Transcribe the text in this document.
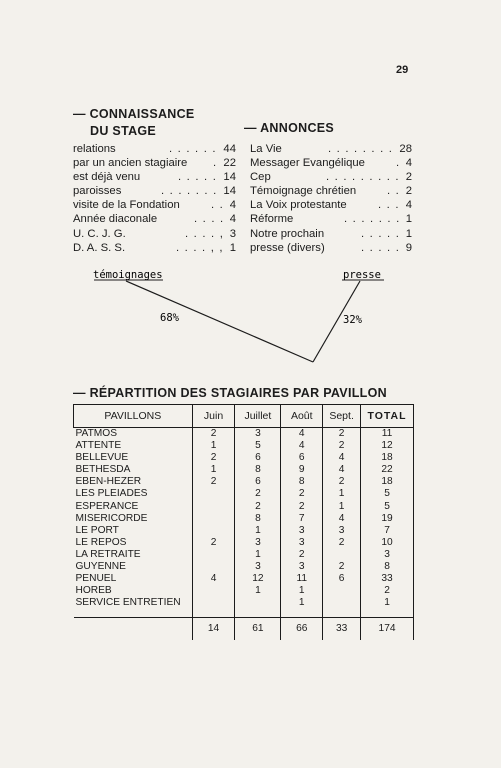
29
— CONNAISSANCE
DU STAGE
relations	. . . . . . 44
par un ancien stagiaire . 22
est déjà venu	. . . . . 14
paroisses	. . . . . . . 14
visite de la Fondation	. . 4
Année diaconale	. . . . 4
U. C. J. G.	. . . . , 3
D. A. S. S.	. . . . , , 1
— ANNONCES
La Vie	. . . . . . . . 28
Messager Evangélique	. 4
Cep	. . . . . . . . . 2
Témoignage chrétien	. . 2
La Voix protestante	. . . 4
Réforme	. . . . . . . 1
Notre prochain	. . . . . 1
presse (divers)	. . . . . 9
témoignages	presse
68%	32%
— RÉPARTITION DES STAGIAIRES PAR PAVILLON
PAVILLONS	Juin	Juillet	Août	Sept.	TOTAL
PATMOS	2	3	4	2	11
ATTENTE	1	5	4	2	12
BELLEVUE	2	6	6	4	18
BETHESDA	1	8	9	4	22
EBEN-HEZER	2	6	8	2	18
LES PLEIADES		2	2	1	5
ESPERANCE		2	2	1	5
MISERICORDE		8	7	4	19
LE PORT		1	3	3	7
LE REPOS	2	3	3	2	10
LA RETRAITE		1	2		3
GUYENNE		3	3	2	8
PENUEL	4	12	11	6	33
HOREB		1	1		2
SERVICE ENTRETIEN			1		1

	14	61	66	33	174
